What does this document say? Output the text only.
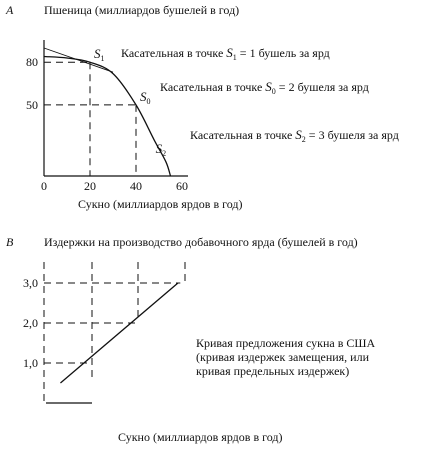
A	Пшеница (миллиардов бушелей в год)
0	20	40	60
80
50
$S_1$
$S_0$
$S_2$
Касательная в точке $S_1 = 1$ бушель за ярд
Касательная в точке $S_0 = 2$ бушеля за ярд
Касательная в точке $S_2 = 3$ бушеля за ярд
Сукно (миллиардов ярдов в год)
B	Издержки на производство добавочного ярда (бушелей в год)
1,0
2,0
3,0
Кривая предложения сукна в США
(кривая издержек замещения, или
кривая предельных издержек)
Сукно (миллиардов ярдов в год)
